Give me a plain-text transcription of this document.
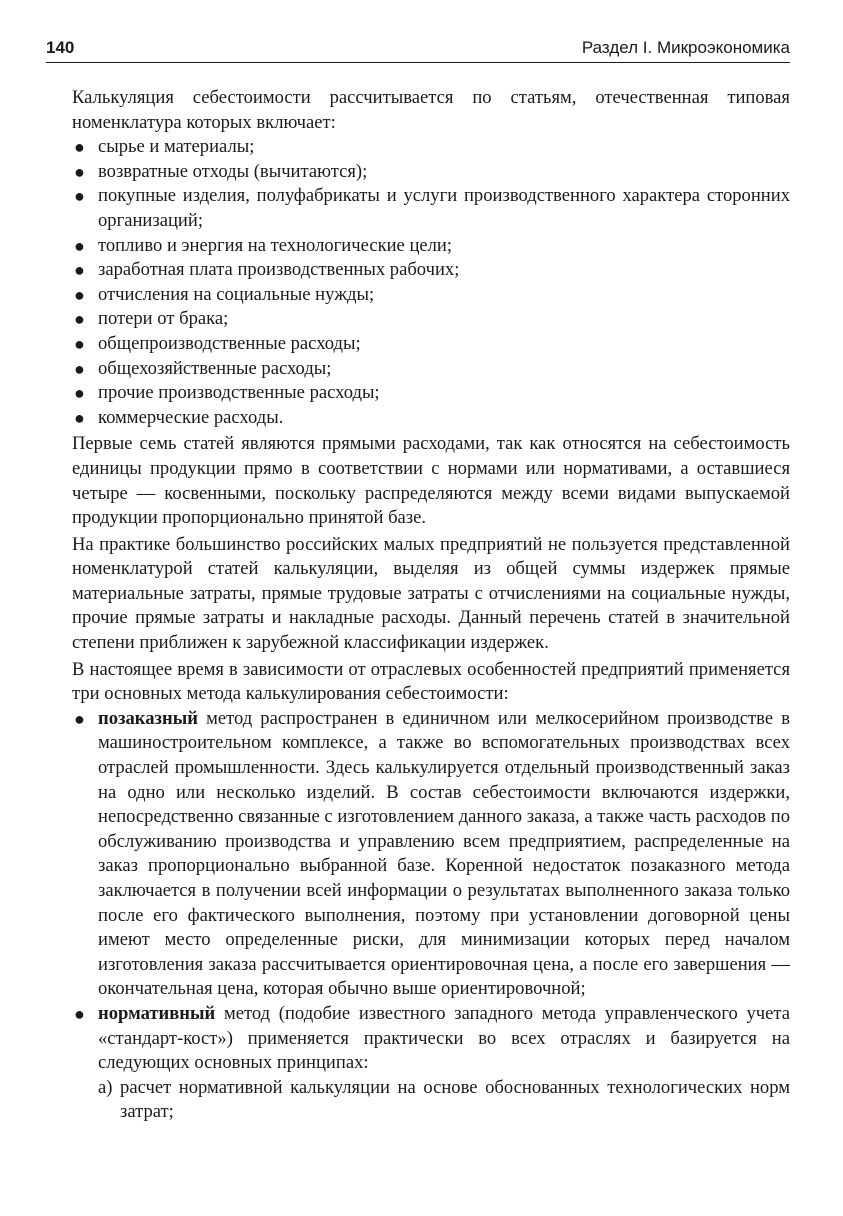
140	Раздел I. Микроэкономика

Калькуляция себестоимости рассчитывается по статьям, отечественная типовая номенклатура которых включает:

● сырье и материалы;
● возвратные отходы (вычитаются);
● покупные изделия, полуфабрикаты и услуги производственного характера сторонних организаций;
● топливо и энергия на технологические цели;
● заработная плата производственных рабочих;
● отчисления на социальные нужды;
● потери от брака;
● общепроизводственные расходы;
● общехозяйственные расходы;
● прочие производственные расходы;
● коммерческие расходы.

Первые семь статей являются прямыми расходами, так как относятся на себестоимость единицы продукции прямо в соответствии с нормами или нормативами, а оставшиеся четыре — косвенными, поскольку распределяются между всеми видами выпускаемой продукции пропорционально принятой базе.

На практике большинство российских малых предприятий не пользуется представленной номенклатурой статей калькуляции, выделяя из общей суммы издержек прямые материальные затраты, прямые трудовые затраты с отчислениями на социальные нужды, прочие прямые затраты и накладные расходы. Данный перечень статей в значительной степени приближен к зарубежной классификации издержек.

В настоящее время в зависимости от отраслевых особенностей предприятий применяется три основных метода калькулирования себестоимости:

● позаказный метод распространен в единичном или мелкосерийном производстве в машиностроительном комплексе, а также во вспомогательных производствах всех отраслей промышленности. Здесь калькулируется отдельный производственный заказ на одно или несколько изделий. В состав себестоимости включаются издержки, непосредственно связанные с изготовлением данного заказа, а также часть расходов по обслуживанию производства и управлению всем предприятием, распределенные на заказ пропорционально выбранной базе. Коренной недостаток позаказного метода заключается в получении всей информации о результатах выполненного заказа только после его фактического выполнения, поэтому при установлении договорной цены имеют место определенные риски, для минимизации которых перед началом изготовления заказа рассчитывается ориентировочная цена, а после его завершения — окончательная цена, которая обычно выше ориентировочной;
● нормативный метод (подобие известного западного метода управленческого учета «стандарт-кост») применяется практически во всех отраслях и базируется на следующих основных принципах:
а) расчет нормативной калькуляции на основе обоснованных технологических норм затрат;
